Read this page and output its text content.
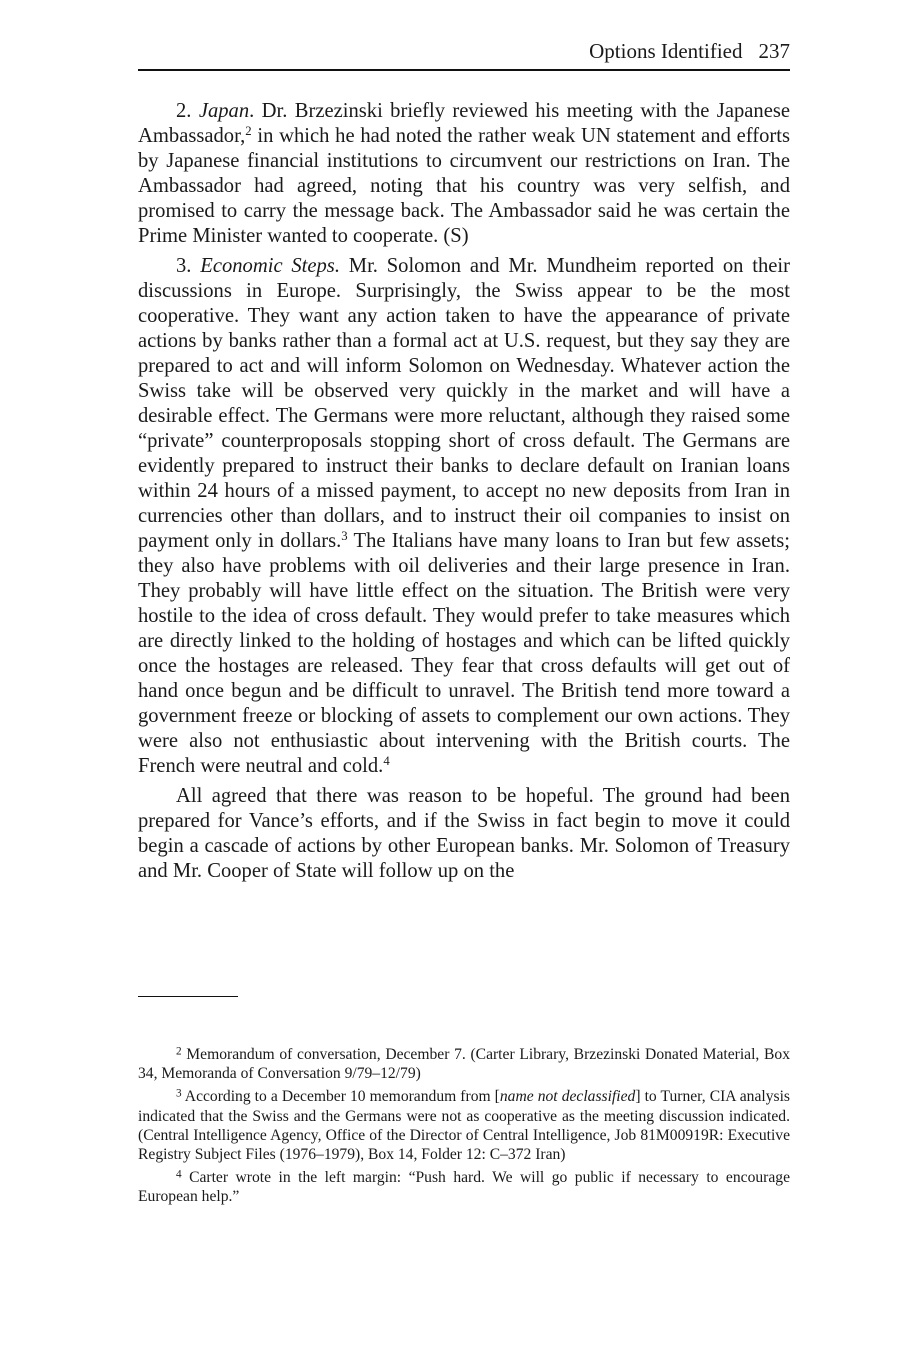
Options Identified 237

2. Japan. Dr. Brzezinski briefly reviewed his meeting with the Japanese Ambassador,$^2$ in which he had noted the rather weak UN statement and efforts by Japanese financial institutions to circumvent our restrictions on Iran. The Ambassador had agreed, noting that his country was very selfish, and promised to carry the message back. The Ambassador said he was certain the Prime Minister wanted to cooperate. (S)

3. Economic Steps. Mr. Solomon and Mr. Mundheim reported on their discussions in Europe. Surprisingly, the Swiss appear to be the most cooperative. They want any action taken to have the appearance of private actions by banks rather than a formal act at U.S. request, but they say they are prepared to act and will inform Solomon on Wednesday. Whatever action the Swiss take will be observed very quickly in the market and will have a desirable effect. The Germans were more reluctant, although they raised some “private” counterproposals stopping short of cross default. The Germans are evidently prepared to instruct their banks to declare default on Iranian loans within 24 hours of a missed payment, to accept no new deposits from Iran in currencies other than dollars, and to instruct their oil companies to insist on payment only in dollars.$^3$ The Italians have many loans to Iran but few assets; they also have problems with oil deliveries and their large presence in Iran. They probably will have little effect on the situation. The British were very hostile to the idea of cross default. They would prefer to take measures which are directly linked to the holding of hostages and which can be lifted quickly once the hostages are released. They fear that cross defaults will get out of hand once begun and be difficult to unravel. The British tend more toward a government freeze or blocking of assets to complement our own actions. They were also not enthusiastic about intervening with the British courts. The French were neutral and cold.$^4$

All agreed that there was reason to be hopeful. The ground had been prepared for Vance’s efforts, and if the Swiss in fact begin to move it could begin a cascade of actions by other European banks. Mr. Solomon of Treasury and Mr. Cooper of State will follow up on the

$^2$ Memorandum of conversation, December 7. (Carter Library, Brzezinski Donated Material, Box 34, Memoranda of Conversation 9/79–12/79)

$^3$ According to a December 10 memorandum from [name not declassified] to Turner, CIA analysis indicated that the Swiss and the Germans were not as cooperative as the meeting discussion indicated. (Central Intelligence Agency, Office of the Director of Central Intelligence, Job 81M00919R: Executive Registry Subject Files (1976–1979), Box 14, Folder 12: C–372 Iran)

$^4$ Carter wrote in the left margin: “Push hard. We will go public if necessary to encourage European help.”
